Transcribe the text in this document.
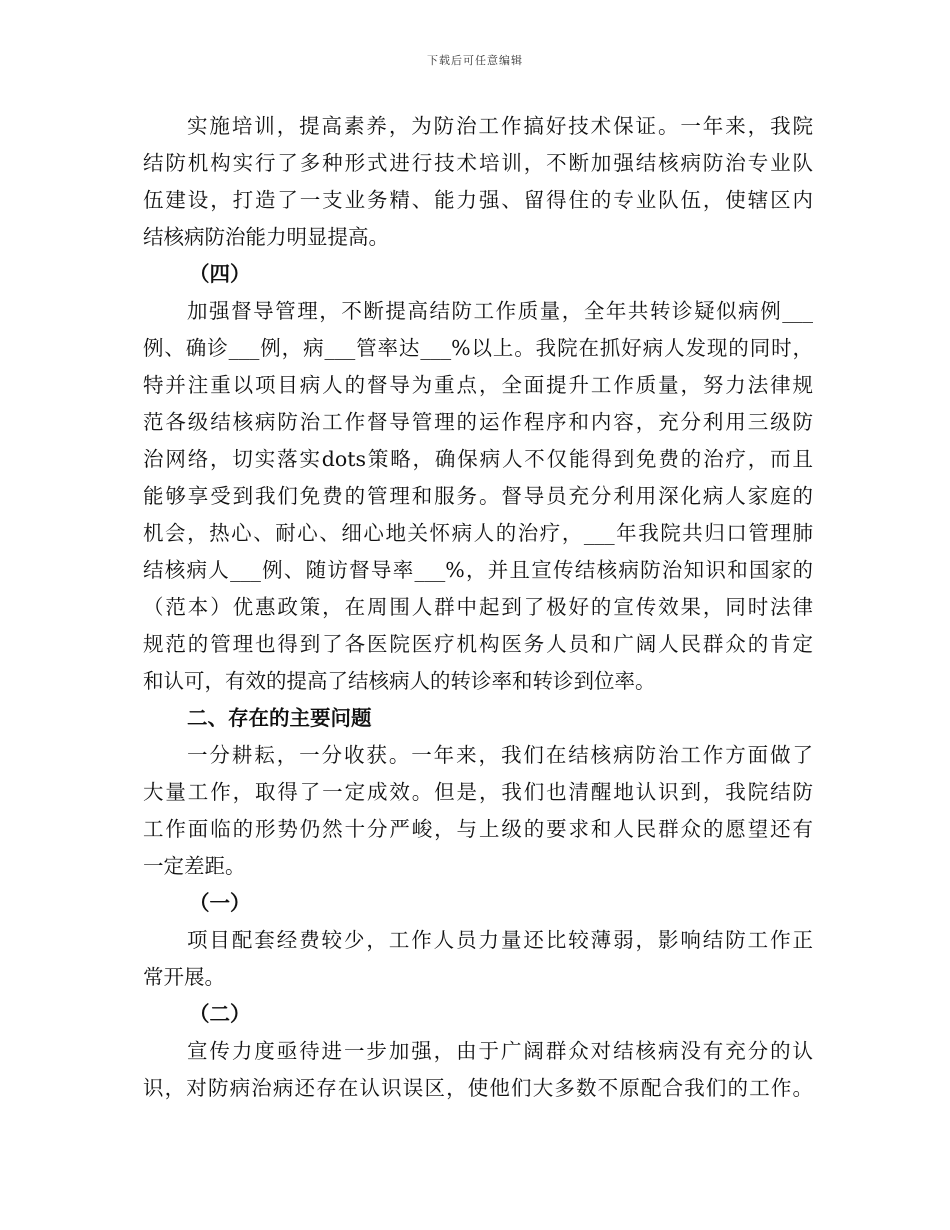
下载后可任意编辑
实施培训，提高素养，为防治工作搞好技术保证。一年来，我院
结防机构实行了多种形式进行技术培训，不断加强结核病防治专业队
伍建设，打造了一支业务精、能力强、留得住的专业队伍，使辖区内
结核病防治能力明显提高。
（四）
加强督导管理，不断提高结防工作质量，全年共转诊疑似病例___
例、确诊___例，病___管率达___%以上。我院在抓好病人发现的同时，
特并注重以项目病人的督导为重点，全面提升工作质量，努力法律规
范各级结核病防治工作督导管理的运作程序和内容，充分利用三级防
治网络，切实落实dots策略，确保病人不仅能得到免费的治疗，而且
能够享受到我们免费的管理和服务。督导员充分利用深化病人家庭的
机会，热心、耐心、细心地关怀病人的治疗，___年我院共归口管理肺
结核病人___例、随访督导率___%，并且宣传结核病防治知识和国家的
（范本）优惠政策，在周围人群中起到了极好的宣传效果，同时法律
规范的管理也得到了各医院医疗机构医务人员和广阔人民群众的肯定
和认可，有效的提高了结核病人的转诊率和转诊到位率。
二、存在的主要问题
一分耕耘，一分收获。一年来，我们在结核病防治工作方面做了
大量工作，取得了一定成效。但是，我们也清醒地认识到，我院结防
工作面临的形势仍然十分严峻，与上级的要求和人民群众的愿望还有
一定差距。
（一）
项目配套经费较少，工作人员力量还比较薄弱，影响结防工作正
常开展。
（二）
宣传力度亟待进一步加强，由于广阔群众对结核病没有充分的认
识，对防病治病还存在认识误区，使他们大多数不原配合我们的工作。
